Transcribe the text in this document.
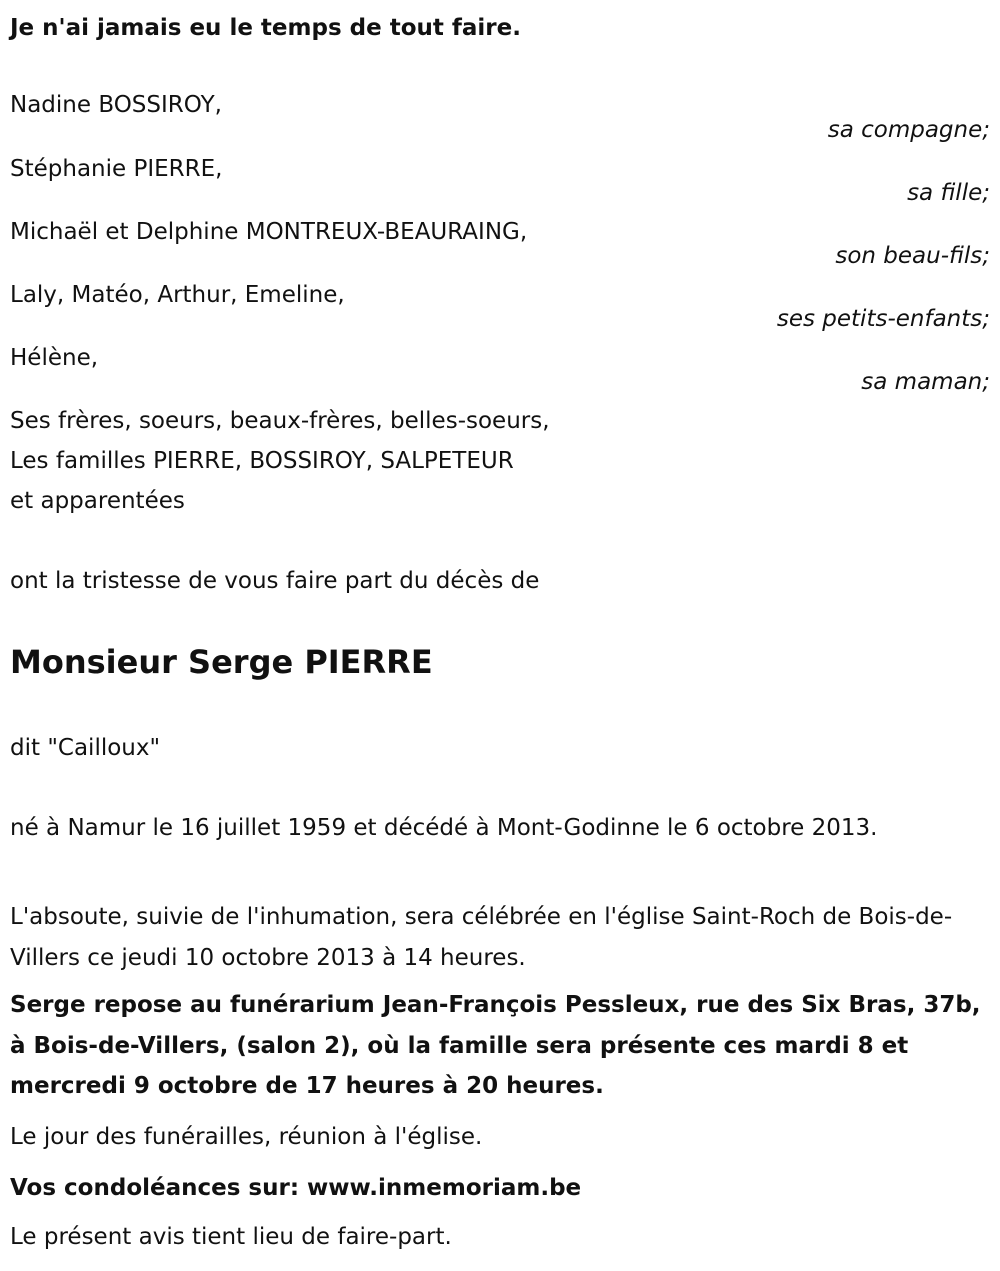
Je n'ai jamais eu le temps de tout faire.
Nadine BOSSIROY,
sa compagne;
Stéphanie PIERRE,
sa fille;
Michaël et Delphine MONTREUX-BEAURAING,
son beau-fils;
Laly, Matéo, Arthur, Emeline,
ses petits-enfants;
Hélène,
sa maman;
Ses frères, soeurs, beaux-frères, belles-soeurs,
Les familles PIERRE, BOSSIROY, SALPETEUR
et apparentées
ont la tristesse de vous faire part du décès de
Monsieur Serge PIERRE
dit "Cailloux"
né à Namur le 16 juillet 1959 et décédé à Mont-Godinne le 6 octobre 2013.
L'absoute, suivie de l'inhumation, sera célébrée en l'église Saint-Roch de Bois-de-Villers ce jeudi 10 octobre 2013 à 14 heures.
Serge repose au funérarium Jean-François Pessleux, rue des Six Bras, 37b, à Bois-de-Villers, (salon 2), où la famille sera présente ces mardi 8 et mercredi 9 octobre de 17 heures à 20 heures.
Le jour des funérailles, réunion à l'église.
Vos condoléances sur: www.inmemoriam.be
Le présent avis tient lieu de faire-part.
